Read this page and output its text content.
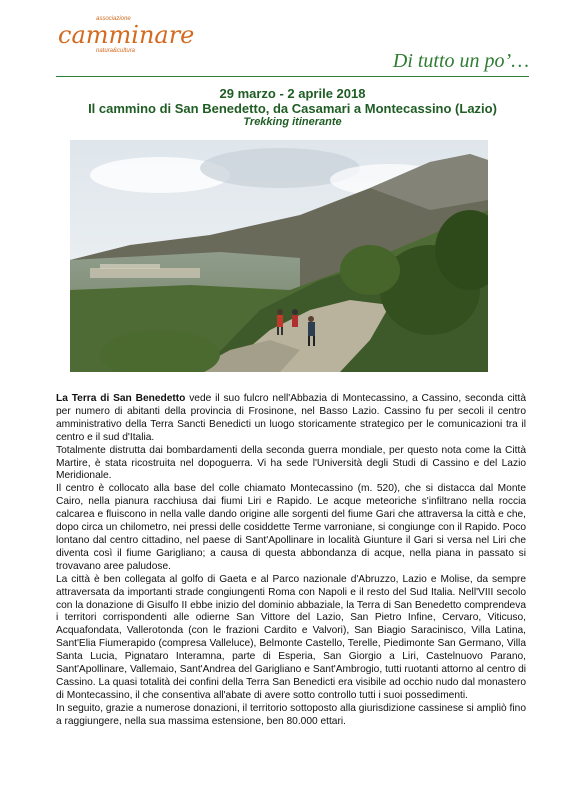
associazione
camminare
natura&cultura	Di tutto un po’…
29 marzo - 2 aprile 2018
Il cammino di San Benedetto, da Casamari a Montecassino (Lazio)
Trekking itinerante

La Terra di San Benedetto vede il suo fulcro nell'Abbazia di Montecassino, a Cassino, seconda città per numero di abitanti della provincia di Frosinone, nel Basso Lazio. Cassino fu per secoli il centro amministrativo della Terra Sancti Benedicti un luogo storicamente strategico per le comunicazioni tra il centro e il sud d'Italia.

Totalmente distrutta dai bombardamenti della seconda guerra mondiale, per questo nota come la Città Martire, è stata ricostruita nel dopoguerra. Vi ha sede l'Università degli Studi di Cassino e del Lazio Meridionale.

Il centro è collocato alla base del colle chiamato Montecassino (m. 520), che si distacca dal Monte Cairo, nella pianura racchiusa dai fiumi Liri e Rapido. Le acque meteoriche s'infiltrano nella roccia calcarea e fluiscono in nella valle dando origine alle sorgenti del fiume Gari che attraversa la città e che, dopo circa un chilometro, nei pressi delle cosiddette Terme varroniane, si congiunge con il Rapido. Poco lontano dal centro cittadino, nel paese di Sant'Apollinare in località Giunture il Gari si versa nel Liri che diventa così il fiume Garigliano; a causa di questa abbondanza di acque, nella piana in passato si trovavano aree paludose.

La città è ben collegata al golfo di Gaeta e al Parco nazionale d'Abruzzo, Lazio e Molise, da sempre attraversata da importanti strade congiungenti Roma con Napoli e il resto del Sud Italia. Nell'VIII secolo con la donazione di Gisulfo II ebbe inizio del dominio abbaziale, la Terra di San Benedetto comprendeva i territori corrispondenti alle odierne San Vittore del Lazio, San Pietro Infine, Cervaro, Viticuso, Acquafondata, Vallerotonda (con le frazioni Cardito e Valvori), San Biagio Saracinisco, Villa Latina, Sant'Elia Fiumerapido (compresa Valleluce), Belmonte Castello, Terelle, Piedimonte San Germano, Villa Santa Lucia, Pignataro Interamna, parte di Esperia, San Giorgio a Liri, Castelnuovo Parano, Sant'Apollinare, Vallemaio, Sant'Andrea del Garigliano e Sant'Ambrogio, tutti ruotanti attorno al centro di Cassino. La quasi totalità dei confini della Terra San Benedicti era visibile ad occhio nudo dal monastero di Montecassino, il che consentiva all'abate di avere sotto controllo tutti i suoi possedimenti.

In seguito, grazie a numerose donazioni, il territorio sottoposto alla giurisdizione cassinese si ampliò fino a raggiungere, nella sua massima estensione, ben 80.000 ettari.
